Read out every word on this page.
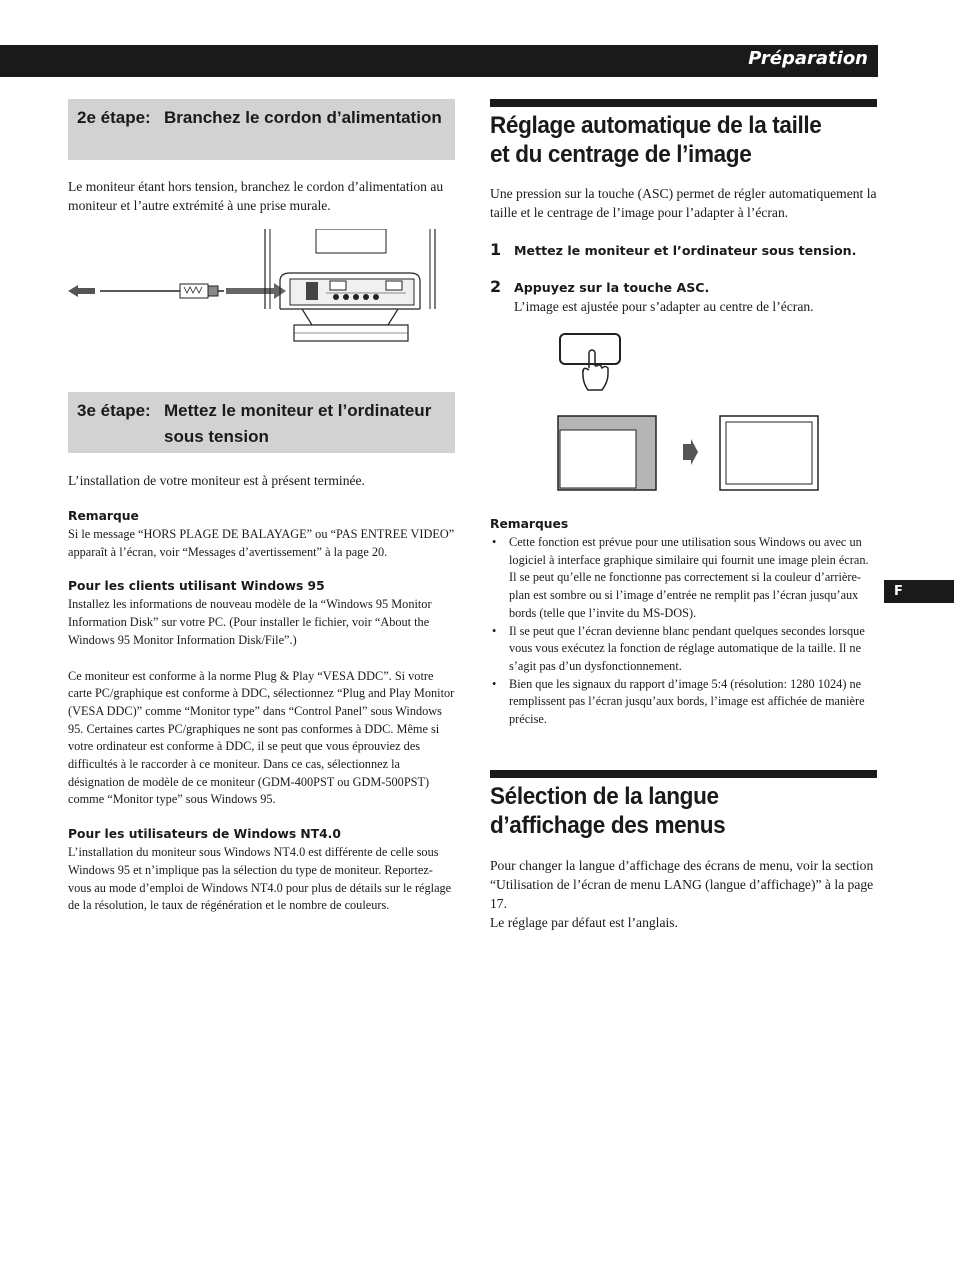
Préparation
F
2e étape: Branchez le cordon d’alimentation

Le moniteur étant hors tension, branchez le cordon d’alimentation au moniteur et l’autre extrémité à une prise murale.

3e étape: Mettez le moniteur et l’ordinateur sous tension

L’installation de votre moniteur est à présent terminée.

Remarque

Si le message “HORS PLAGE DE BALAYAGE” ou “PAS ENTREE VIDEO” apparaît à l’écran, voir “Messages d’avertissement” à la page 20.

Pour les clients utilisant Windows 95

Installez les informations de nouveau modèle de la “Windows 95 Monitor Information Disk” sur votre PC. (Pour installer le fichier, voir “About the Windows 95 Monitor Information Disk/File”.)

Ce moniteur est conforme à la norme Plug & Play “VESA DDC”. Si votre carte PC/graphique est conforme à DDC, sélectionnez “Plug and Play Monitor (VESA DDC)” comme “Monitor type” dans “Control Panel” sous Windows 95. Certaines cartes PC/graphiques ne sont pas conformes à DDC. Même si votre ordinateur est conforme à DDC, il se peut que vous éprouviez des difficultés à le raccorder à ce moniteur. Dans ce cas, sélectionnez la désignation de modèle de ce moniteur (GDM-400PST ou GDM-500PST) comme “Monitor type” sous Windows 95.

Pour les utilisateurs de Windows NT4.0

L’installation du moniteur sous Windows NT4.0 est différente de celle sous Windows 95 et n’implique pas la sélection du type de moniteur. Reportez-vous au mode d’emploi de Windows NT4.0 pour plus de détails sur le réglage de la résolution, le taux de régénération et le nombre de couleurs.

Réglage automatique de la taille
et du centrage de l’image

Une pression sur la touche (ASC) permet de régler automatiquement la taille et le centrage de l’image pour l’adapter à l’écran.

1	Mettez le moniteur et l’ordinateur sous tension.
2	Appuyez sur la touche ASC.

L’image est ajustée pour s’adapter au centre de l’écran.

Remarques

• Cette fonction est prévue pour une utilisation sous Windows ou avec un logiciel à interface graphique similaire qui fournit une image plein écran. Il se peut qu’elle ne fonctionne pas correctement si la couleur d’arrière-plan est sombre ou si l’image d’entrée ne remplit pas l’écran jusqu’aux bords (telle que l’invite du MS-DOS).
• Il se peut que l’écran devienne blanc pendant quelques secondes lorsque vous vous exécutez la fonction de réglage automatique de la taille. Il ne s’agit pas d’un dysfonctionnement.
• Bien que les signaux du rapport d’image 5:4 (résolution: 1280 1024) ne remplissent pas l’écran jusqu’aux bords, l’image est affichée de manière précise.
Sélection de la langue
d’affichage des menus

Pour changer la langue d’affichage des écrans de menu, voir la section “Utilisation de l’écran de menu LANG (langue d’affichage)” à la page 17.

Le réglage par défaut est l’anglais.
